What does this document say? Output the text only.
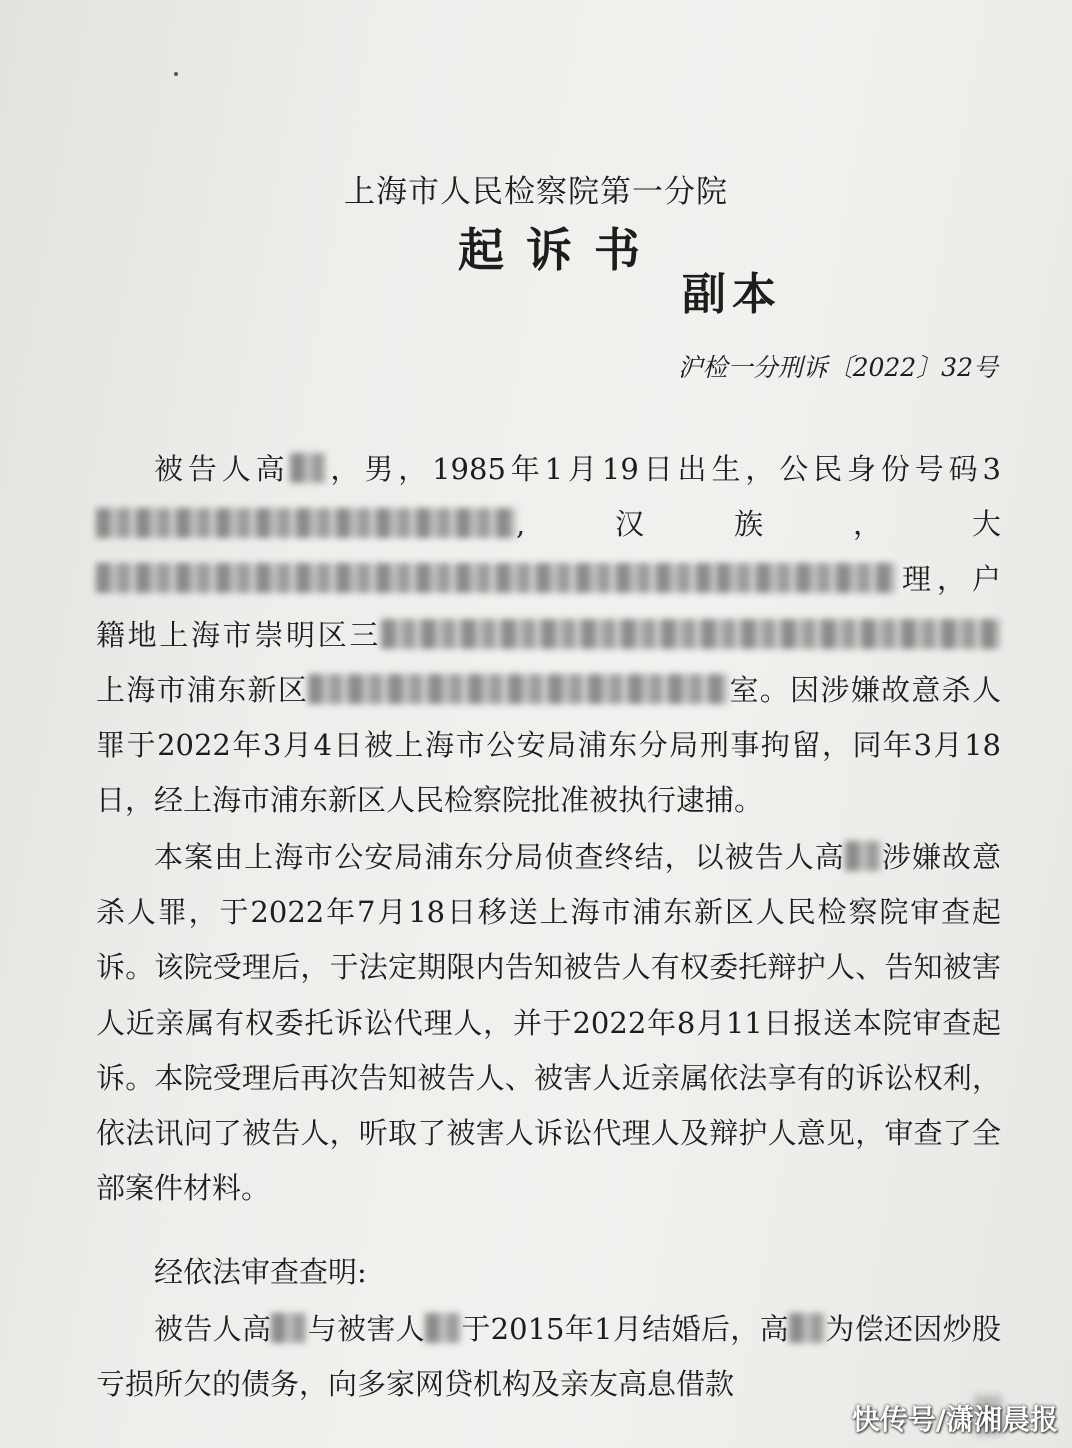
上海市人民检察院第一分院
起诉书
副本
沪检一分刑诉〔2022〕32号

被告人高 ，男，1985年1月19日出生，公民身份号码3,汉族，大理，户籍地上海市崇明区三上海市浦东新区	室。因涉嫌故意杀人罪于2022年3月4日被上海市公安局浦东分局刑事拘留，同年3月18日，经上海市浦东新区人民检察院批准被执行逮捕。

本案由上海市公安局浦东分局侦查终结，以被告人高 涉嫌故意杀人罪，于2022年7月18日移送上海市浦东新区人民检察院审查起诉。该院受理后，于法定期限内告知被告人有权委托辩护人、告知被害人近亲属有权委托诉讼代理人，并于2022年8月11日报送本院审查起诉。本院受理后再次告知被告人、被害人近亲属依法享有的诉讼权利，依法讯问了被告人，听取了被害人诉讼代理人及辩护人意见，审查了全部案件材料。

经依法审查查明:

被告人高 与被害人 于2015年1月结婚后，高 为偿还因炒股亏损所欠的债务，向多家网贷机构及亲友高息借款

快传号/潇湘晨报
